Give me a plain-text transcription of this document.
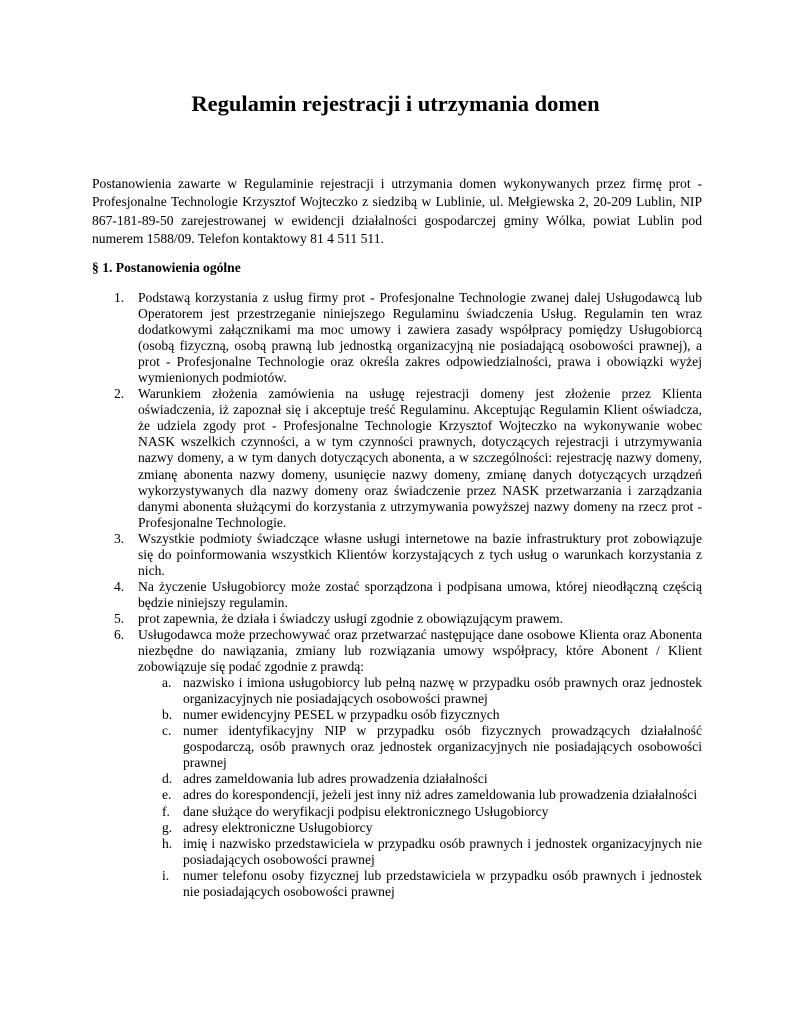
Regulamin rejestracji i utrzymania domen

Postanowienia zawarte w Regulaminie rejestracji i utrzymania domen wykonywanych przez firmę prot - Profesjonalne Technologie Krzysztof Wojteczko z siedzibą w Lublinie, ul. Mełgiewska 2, 20-209 Lublin, NIP 867-181-89-50 zarejestrowanej w ewidencji działalności gospodarczej gminy Wólka, powiat Lublin pod numerem 1588/09. Telefon kontaktowy 81 4 511 511.

§ 1. Postanowienia ogólne
1. Podstawą korzystania z usług firmy prot - Profesjonalne Technologie zwanej dalej Usługodawcą lub Operatorem jest przestrzeganie niniejszego Regulaminu świadczenia Usług. Regulamin ten wraz dodatkowymi załącznikami ma moc umowy i zawiera zasady współpracy pomiędzy Usługobiorcą (osobą fizyczną, osobą prawną lub jednostką organizacyjną nie posiadającą osobowości prawnej), a prot - Profesjonalne Technologie oraz określa zakres odpowiedzialności, prawa i obowiązki wyżej wymienionych podmiotów.
2. Warunkiem złożenia zamówienia na usługę rejestracji domeny jest złożenie przez Klienta oświadczenia, iż zapoznał się i akceptuje treść Regulaminu. Akceptując Regulamin Klient oświadcza, że udziela zgody prot - Profesjonalne Technologie Krzysztof Wojteczko na wykonywanie wobec NASK wszelkich czynności, a w tym czynności prawnych, dotyczących rejestracji i utrzymywania nazwy domeny, a w tym danych dotyczących abonenta, a w szczególności: rejestrację nazwy domeny, zmianę abonenta nazwy domeny, usunięcie nazwy domeny, zmianę danych dotyczących urządzeń wykorzystywanych dla nazwy domeny oraz świadczenie przez NASK przetwarzania i zarządzania danymi abonenta służącymi do korzystania z utrzymywania powyższej nazwy domeny na rzecz prot - Profesjonalne Technologie.
3. Wszystkie podmioty świadczące własne usługi internetowe na bazie infrastruktury prot zobowiązuje się do poinformowania wszystkich Klientów korzystających z tych usług o warunkach korzystania z nich.
4. Na życzenie Usługobiorcy może zostać sporządzona i podpisana umowa, której nieodłączną częścią będzie niniejszy regulamin.
5. prot zapewnia, że działa i świadczy usługi zgodnie z obowiązującym prawem.
6. Usługodawca może przechowywać oraz przetwarzać następujące dane osobowe Klienta oraz Abonenta niezbędne do nawiązania, zmiany lub rozwiązania umowy współpracy, które Abonent / Klient zobowiązuje się podać zgodnie z prawdą:
a. nazwisko i imiona usługobiorcy lub pełną nazwę w przypadku osób prawnych oraz jednostek organizacyjnych nie posiadających osobowości prawnej
b. numer ewidencyjny PESEL w przypadku osób fizycznych
c. numer identyfikacyjny NIP w przypadku osób fizycznych prowadzących działalność gospodarczą, osób prawnych oraz jednostek organizacyjnych nie posiadających osobowości prawnej
d. adres zameldowania lub adres prowadzenia działalności
e. adres do korespondencji, jeżeli jest inny niż adres zameldowania lub prowadzenia działalności
f. dane służące do weryfikacji podpisu elektronicznego Usługobiorcy
g. adresy elektroniczne Usługobiorcy
h. imię i nazwisko przedstawiciela w przypadku osób prawnych i jednostek organizacyjnych nie posiadających osobowości prawnej
i. numer telefonu osoby fizycznej lub przedstawiciela w przypadku osób prawnych i jednostek nie posiadających osobowości prawnej
